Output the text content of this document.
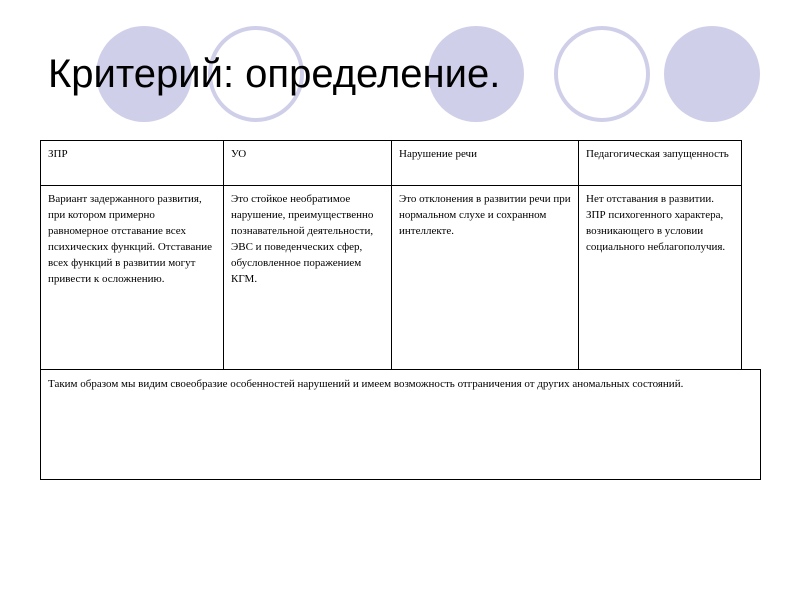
Критерий: определение.
ЗПР	УО	Нарушение речи	Педагогическая запущенность
Вариант задержанного развития, при котором примерно равномерное отставание всех психических функций. Отставание всех функций в развитии могут привести к осложнению.	Это стойкое необратимое нарушение, преимущественно познавательной деятельности, ЭВС и поведенческих сфер, обусловленное поражением КГМ.	Это отклонения в развитии речи при нормальном слухе и сохранном интеллекте.	Нет отставания в развитии. ЗПР психогенного характера, возникающего в условии социального неблагополучия.
Таким образом мы видим своеобразие особенностей нарушений и имеем возможность отграничения от других аномальных состояний.
